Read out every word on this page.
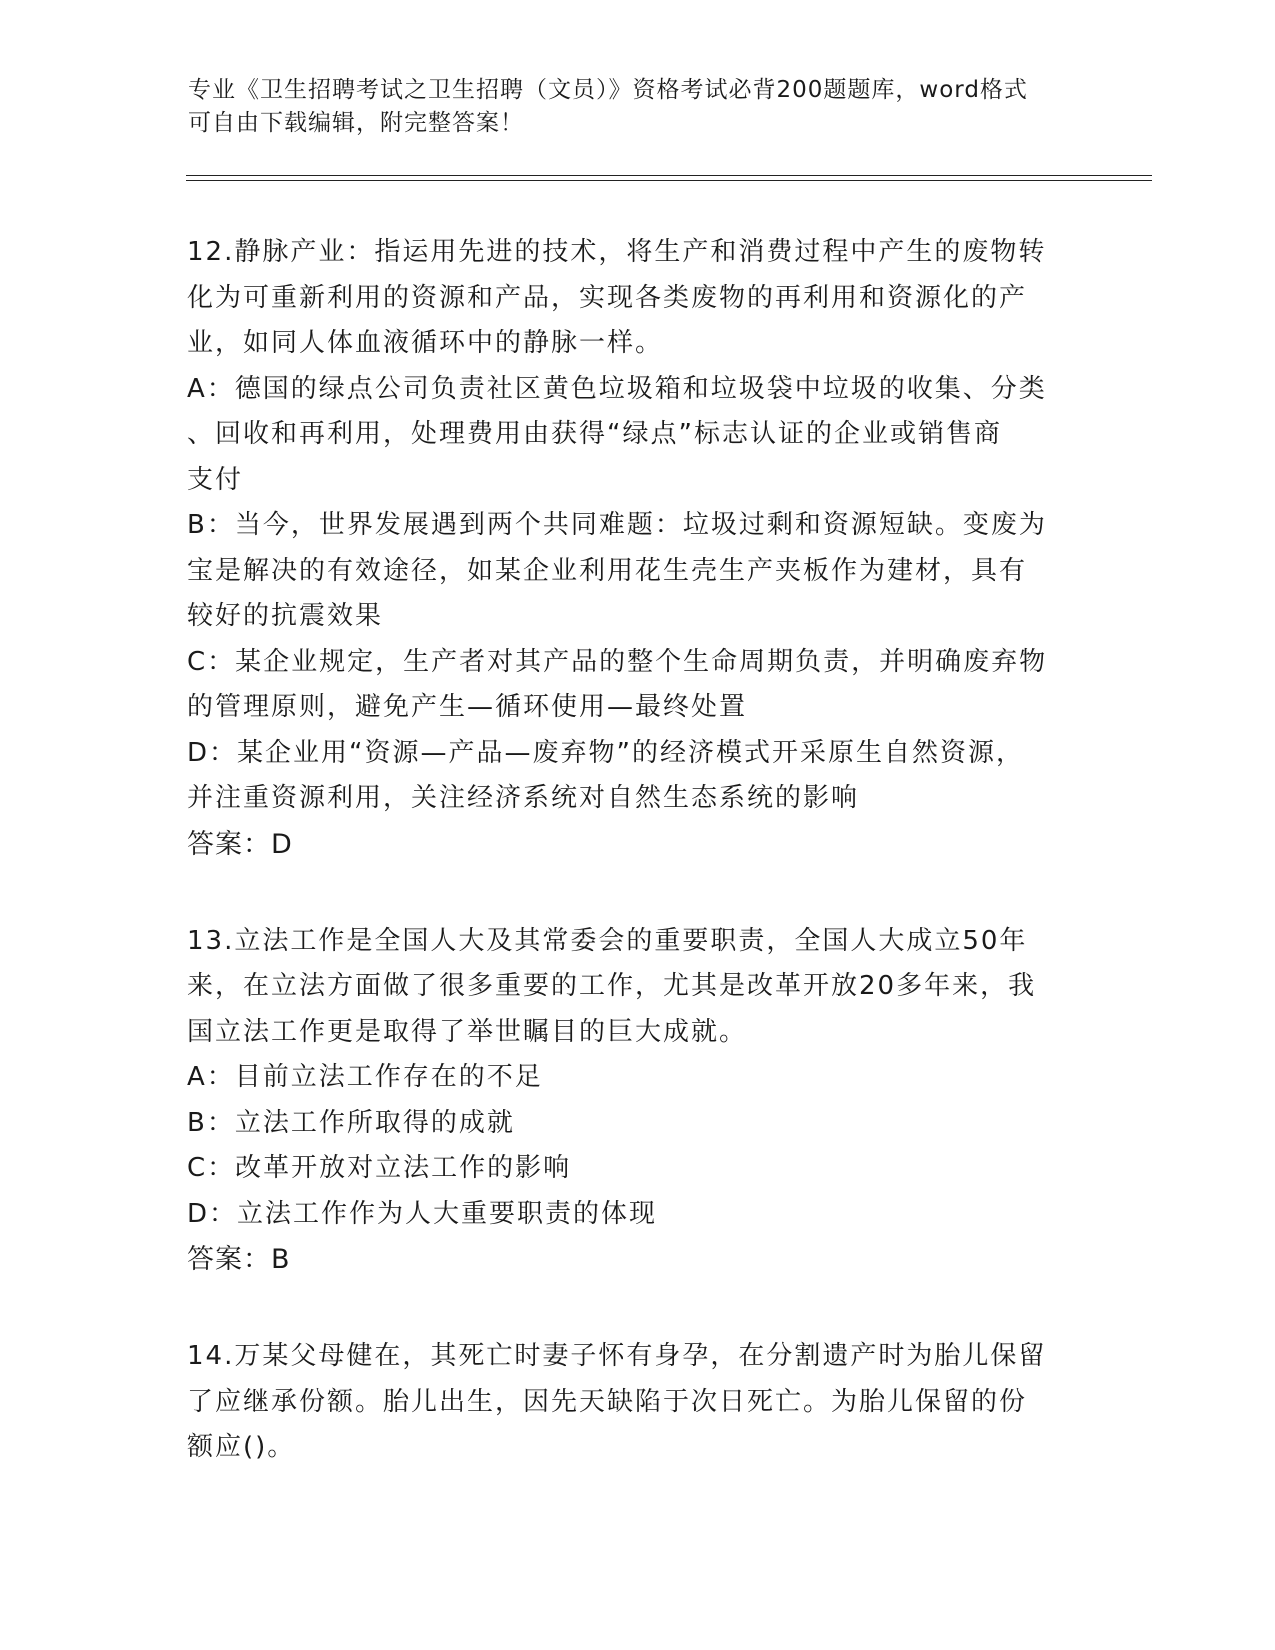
专业《卫生招聘考试之卫生招聘（文员）》资格考试必背200题题库，word格式
可自由下载编辑，附完整答案！

12.静脉产业：指运用先进的技术，将生产和消费过程中产生的废物转

化为可重新利用的资源和产品，实现各类废物的再利用和资源化的产

业，如同人体血液循环中的静脉一样。

A：德国的绿点公司负责社区黄色垃圾箱和垃圾袋中垃圾的收集、分类

、回收和再利用，处理费用由获得“绿点”标志认证的企业或销售商

支付

B：当今，世界发展遇到两个共同难题：垃圾过剩和资源短缺。变废为

宝是解决的有效途径，如某企业利用花生壳生产夹板作为建材，具有

较好的抗震效果

C：某企业规定，生产者对其产品的整个生命周期负责，并明确废弃物

的管理原则，避免产生—循环使用—最终处置

D：某企业用“资源—产品—废弃物”的经济模式开采原生自然资源，

并注重资源利用，关注经济系统对自然生态系统的影响

答案：D

13.立法工作是全国人大及其常委会的重要职责，全国人大成立50年

来，在立法方面做了很多重要的工作，尤其是改革开放20多年来，我

国立法工作更是取得了举世瞩目的巨大成就。

A：目前立法工作存在的不足

B：立法工作所取得的成就

C：改革开放对立法工作的影响

D：立法工作作为人大重要职责的体现

答案：B

14.万某父母健在，其死亡时妻子怀有身孕，在分割遗产时为胎儿保留

了应继承份额。胎儿出生，因先天缺陷于次日死亡。为胎儿保留的份

额应()。
